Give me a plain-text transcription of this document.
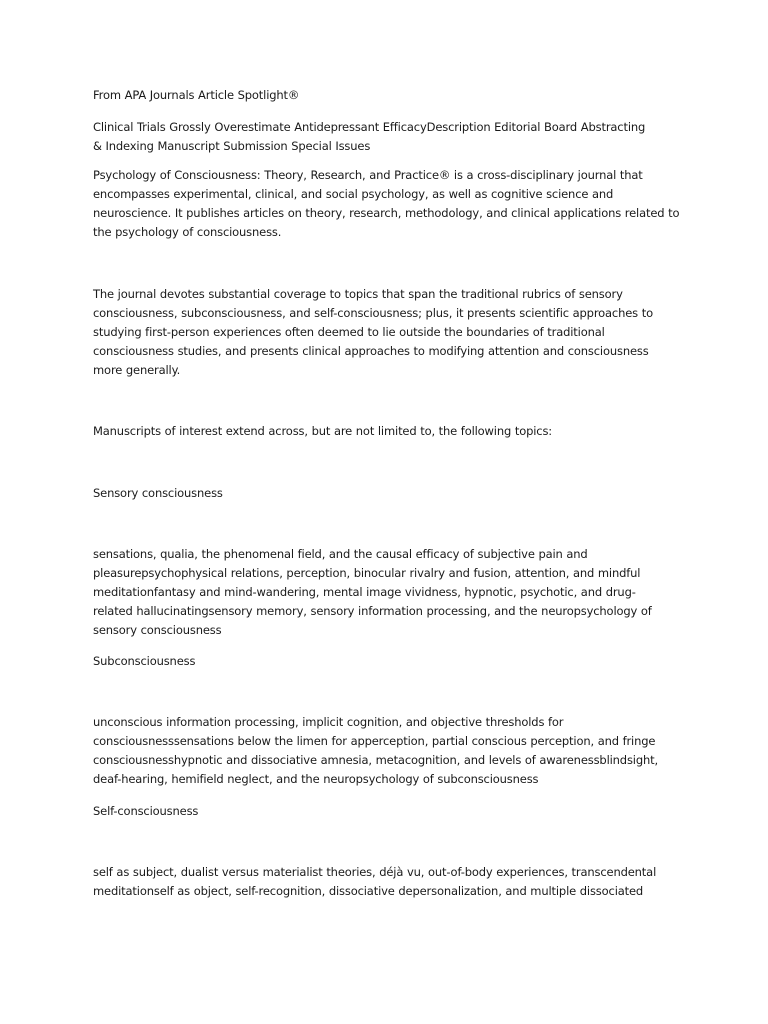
From APA Journals Article Spotlight®

Clinical Trials Grossly Overestimate Antidepressant EfficacyDescription Editorial Board Abstracting & Indexing Manuscript Submission Special Issues

Psychology of Consciousness: Theory, Research, and Practice® is a cross-disciplinary journal that encompasses experimental, clinical, and social psychology, as well as cognitive science and neuroscience. It publishes articles on theory, research, methodology, and clinical applications related to the psychology of consciousness.

The journal devotes substantial coverage to topics that span the traditional rubrics of sensory consciousness, subconsciousness, and self-consciousness; plus, it presents scientific approaches to studying first-person experiences often deemed to lie outside the boundaries of traditional consciousness studies, and presents clinical approaches to modifying attention and consciousness more generally.

Manuscripts of interest extend across, but are not limited to, the following topics:

Sensory consciousness

sensations, qualia, the phenomenal field, and the causal efficacy of subjective pain and pleasurepsychophysical relations, perception, binocular rivalry and fusion, attention, and mindful meditationfantasy and mind-wandering, mental image vividness, hypnotic, psychotic, and drug-related hallucinatingsensory memory, sensory information processing, and the neuropsychology of sensory consciousness

Subconsciousness

unconscious information processing, implicit cognition, and objective thresholds for consciousnesssensations below the limen for apperception, partial conscious perception, and fringe consciousnesshypnotic and dissociative amnesia, metacognition, and levels of awarenessblindsight, deaf-hearing, hemifield neglect, and the neuropsychology of subconsciousness

Self-consciousness

self as subject, dualist versus materialist theories, déjà vu, out-of-body experiences, transcendental meditationself as object, self-recognition, dissociative depersonalization, and multiple dissociated
